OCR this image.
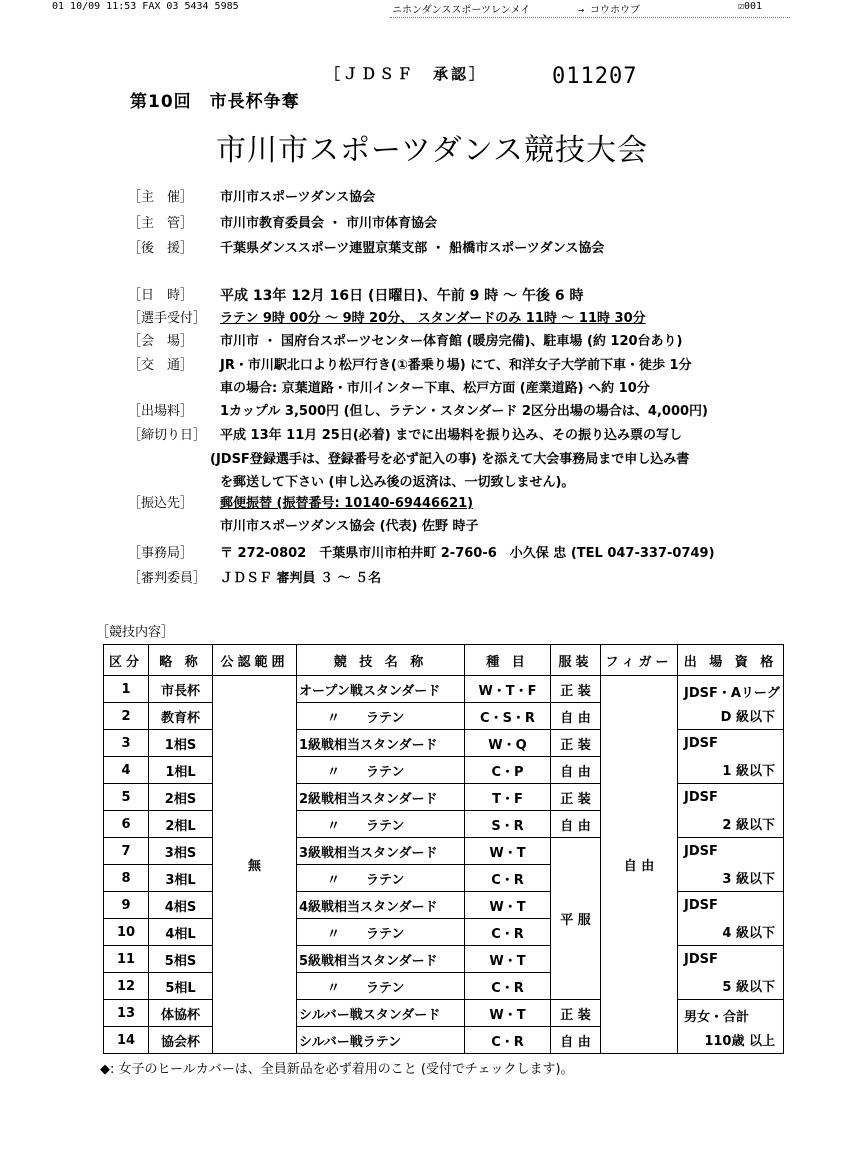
01 10/09 11:53 FAX 03 5434 5985	ニホンダンススポーツレンメイ	→ コウホウブ	☑001
［ＪＤＳＦ　承認］	011207
第10回　市長杯争奪
市川市スポーツダンス競技大会
［主　催］ 市川市スポーツダンス協会
［主　管］ 市川市教育委員会 ・ 市川市体育協会
［後　援］ 千葉県ダンススポーツ連盟京葉支部 ・ 船橋市スポーツダンス協会
［日　時］ 平成 13年 12月 16日 (日曜日)、午前 9 時 ～ 午後 6 時
［選手受付］ ラテン 9時 00分 ～ 9時 20分、 スタンダードのみ 11時 ～ 11時 30分
［会　場］ 市川市 ・ 国府台スポーツセンター体育館 (暖房完備)、駐車場 (約 120台あり)
［交　通］ JR・市川駅北口より松戸行き(①番乗り場) にて、和洋女子大学前下車・徒歩 1分
車の場合: 京葉道路・市川インター下車、松戸方面 (産業道路) へ約 10分
［出場料］ 1カップル 3,500円 (但し、ラテン・スタンダード 2区分出場の場合は、4,000円)
［締切り日］ 平成 13年 11月 25日(必着) までに出場料を振り込み、その振り込み票の写し
(JDSF登録選手は、登録番号を必ず記入の事) を添えて大会事務局まで申し込み書
を郵送して下さい (申し込み後の返済は、一切致しません)。
［振込先］ 郵便振替 (振替番号: 10140-69446621)
市川市スポーツダンス協会 (代表) 佐野 時子
［事務局］ 〒 272-0802　千葉県市川市柏井町 2-760-6　小久保 忠 (TEL 047-337-0749)
［審判委員］ ＪＤＳＦ 審判員 ３ ～ ５名
［競技内容］
区分	略 称	公認範囲	競 技 名 称	種 目	服装	フィガー	出 場 資 格
1	市長杯	無	オープン戦スタンダード	W・T・F	正 装	自 由	JDSF・Aリーグ
D 級以下

2	教育杯		〃　　ラテン	C・S・R	自 由		
3	1相S		1級戦相当スタンダード	W・Q	正 装		JDSF
1 級以下

4	1相L		〃　　ラテン	C・P	自 由		
5	2相S		2級戦相当スタンダード	T・F	正 装		JDSF
2 級以下

6	2相L		〃　　ラテン	S・R	自 由		
7	3相S		3級戦相当スタンダード	W・T	平 服		JDSF
3 級以下

8	3相L		〃　　ラテン	C・R			
9	4相S		4級戦相当スタンダード	W・T			JDSF
4 級以下

10	4相L		〃　　ラテン	C・R			
11	5相S		5級戦相当スタンダード	W・T			JDSF
5 級以下

12	5相L		〃　　ラテン	C・R			
13	体協杯		シルバー戦スタンダード	W・T	正 装		男女・合計
110歳 以上

14	協会杯		シルバー戦ラテン	C・R	自 由		
◆: 女子のヒールカバーは、全員新品を必ず着用のこと (受付でチェックします)。
